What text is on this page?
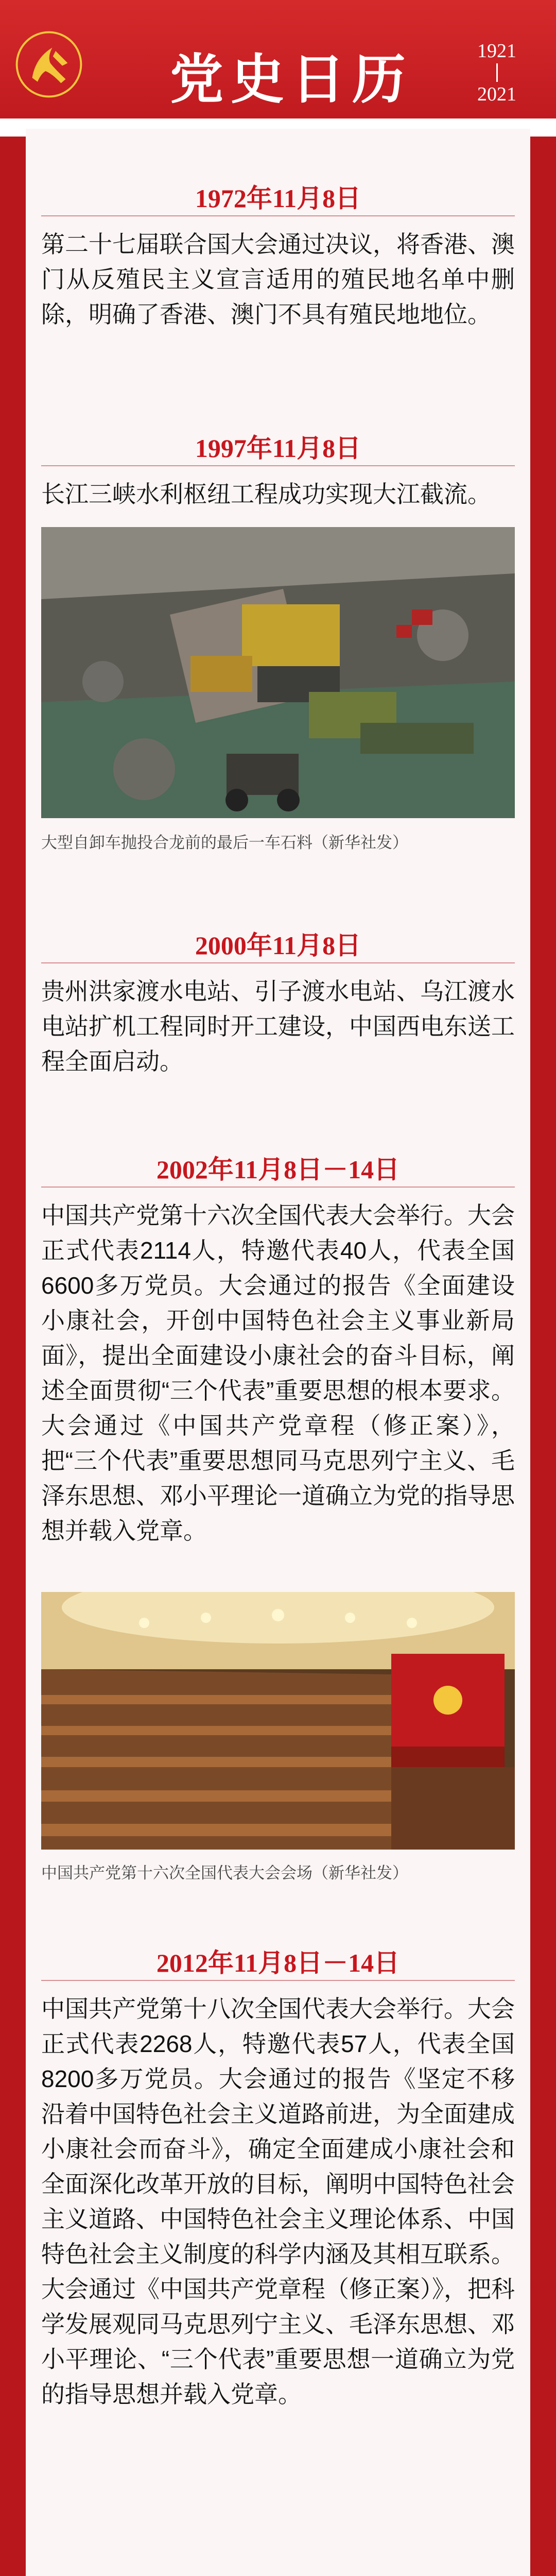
党史日历	1921
2021
1972年11月8日

第二十七届联合国大会通过决议，将香港、澳门从反殖民主义宣言适用的殖民地名单中删除，明确了香港、澳门不具有殖民地地位。

1997年11月8日

长江三峡水利枢纽工程成功实现大江截流。

大型自卸车抛投合龙前的最后一车石料（新华社发）
2000年11月8日

贵州洪家渡水电站、引子渡水电站、乌江渡水电站扩机工程同时开工建设，中国西电东送工程全面启动。

2002年11月8日－14日

中国共产党第十六次全国代表大会举行。大会正式代表2114人，特邀代表40人，代表全国6600多万党员。大会通过的报告《全面建设小康社会，开创中国特色社会主义事业新局面》，提出全面建设小康社会的奋斗目标，阐述全面贯彻“三个代表”重要思想的根本要求。大会通过《中国共产党章程（修正案）》，把“三个代表”重要思想同马克思列宁主义、毛泽东思想、邓小平理论一道确立为党的指导思想并载入党章。

中国共产党第十六次全国代表大会会场（新华社发）
2012年11月8日－14日

中国共产党第十八次全国代表大会举行。大会正式代表2268人，特邀代表57人，代表全国8200多万党员。大会通过的报告《坚定不移沿着中国特色社会主义道路前进，为全面建成小康社会而奋斗》，确定全面建成小康社会和全面深化改革开放的目标，阐明中国特色社会主义道路、中国特色社会主义理论体系、中国特色社会主义制度的科学内涵及其相互联系。大会通过《中国共产党章程（修正案）》，把科学发展观同马克思列宁主义、毛泽东思想、邓小平理论、“三个代表”重要思想一道确立为党的指导思想并载入党章。
